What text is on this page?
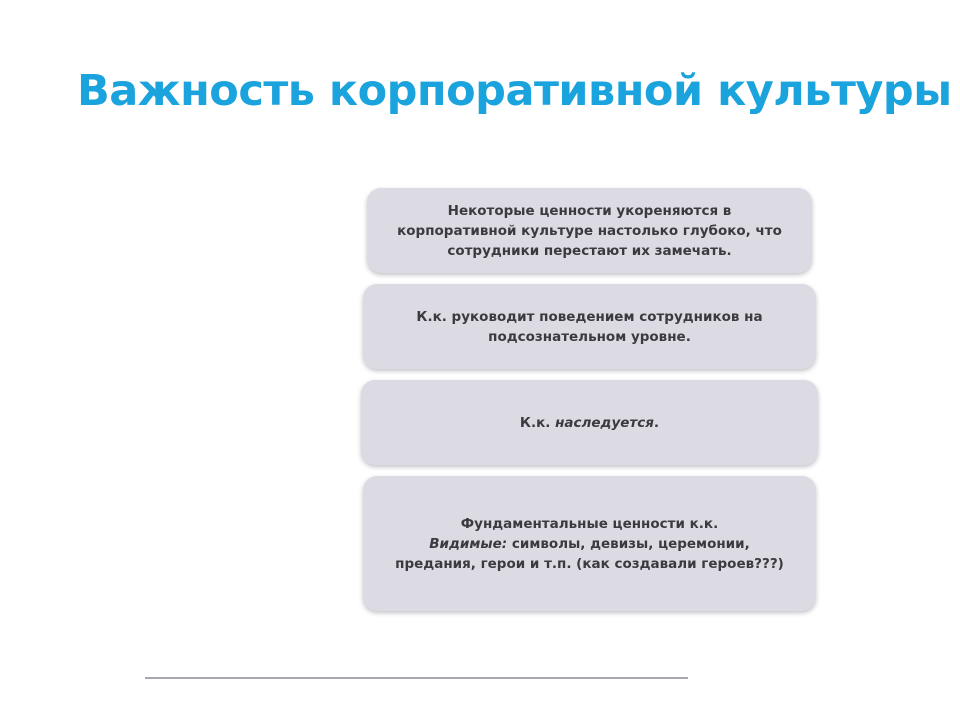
Важность корпоративной культуры

Некоторые ценности укореняются в корпоративной культуре настолько глубоко, что сотрудники перестают их замечать.

К.к. руководит поведением сотрудников на подсознательном уровне.

К.к. наследуется.

Фундаментальные ценности к.к.
Видимые: символы, девизы, церемонии, предания, герои и т.п. (как создавали героев???)
